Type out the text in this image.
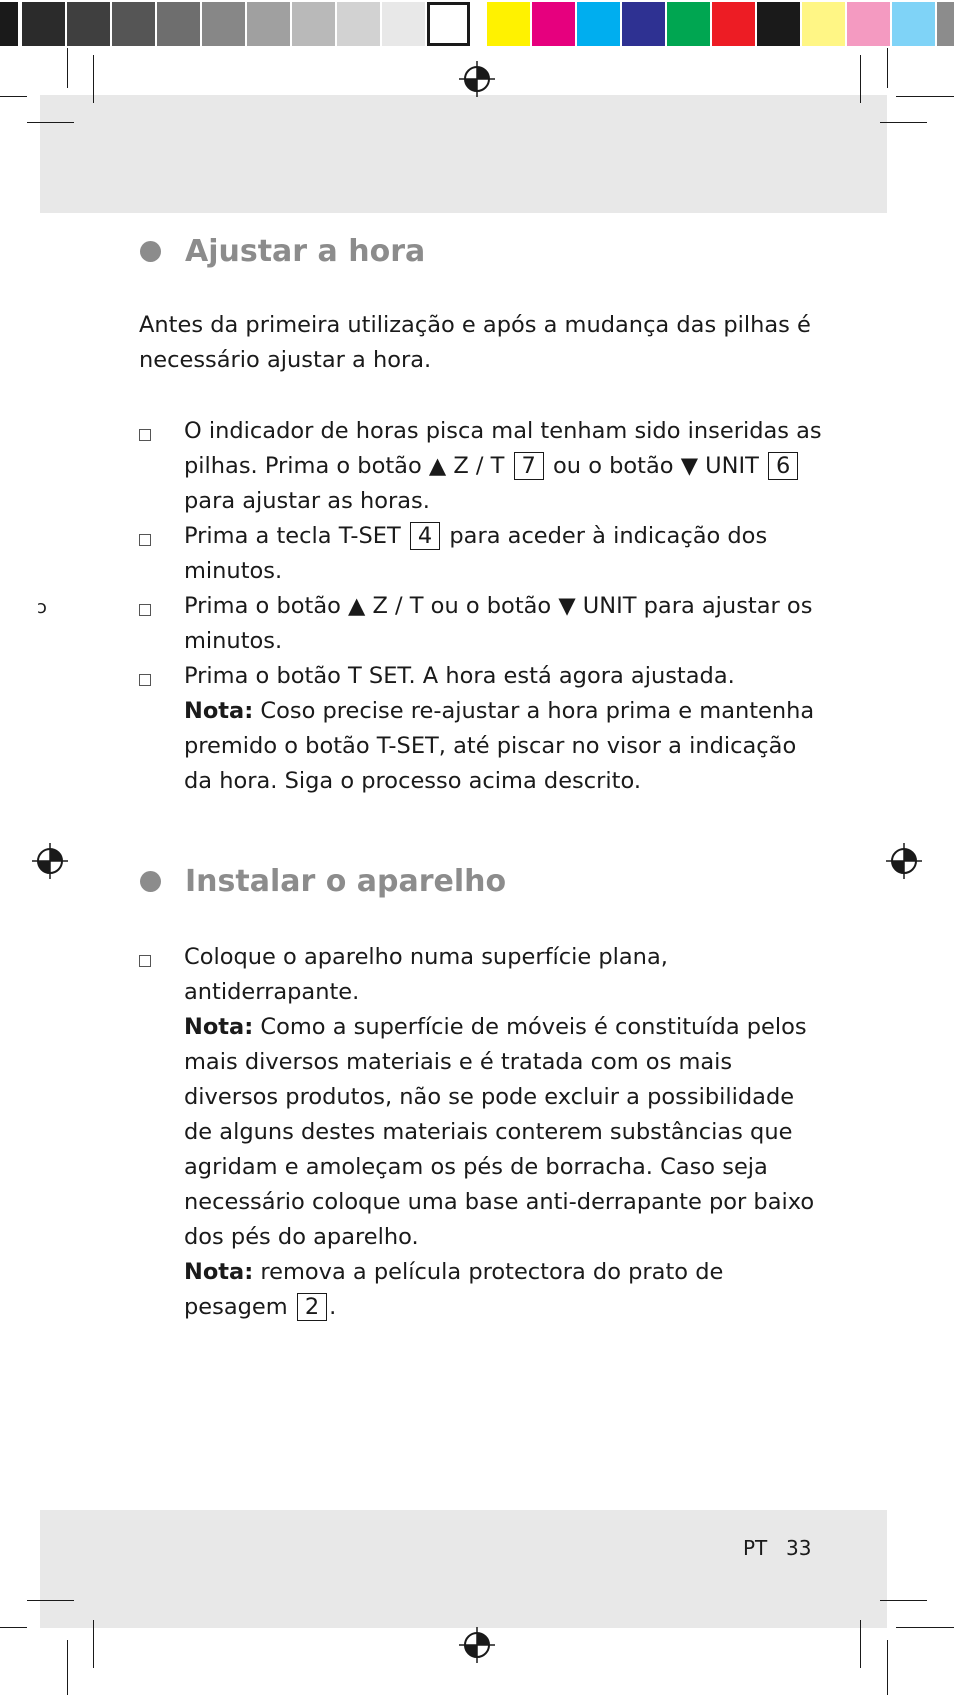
ɔ
Ajustar a hora
Antes da primeira utilização e após a mudança das pilhas é necessário ajustar a hora.
O indicador de horas pisca mal tenham sido inseridas as pilhas. Prima o botão ▲ Z / T 7 ou o botão ▼ UNIT 6
para ajustar as horas.
Prima a tecla T-SET 4 para aceder à indicação dos minutos.
Prima o botão ▲ Z / T ou o botão ▼ UNIT para ajustar os minutos.
Prima o botão T SET. A hora está agora ajustada.
Nota: Coso precise re-ajustar a hora prima e mantenha premido o botão T-SET, até piscar no visor a indicação da hora. Siga o processo acima descrito.
Instalar o aparelho
Coloque o aparelho numa superfície plana, antiderrapante.
Nota: Como a superfície de móveis é constituída pelos mais diversos materiais e é tratada com os mais diversos produtos, não se pode excluir a possibilidade de alguns destes materiais conterem substâncias que agridam e amoleçam os pés de borracha. Caso seja necessário coloque uma base anti-derrapante por baixo dos pés do aparelho.
Nota: remova a película protectora do prato de pesagem 2 .
PT 33
